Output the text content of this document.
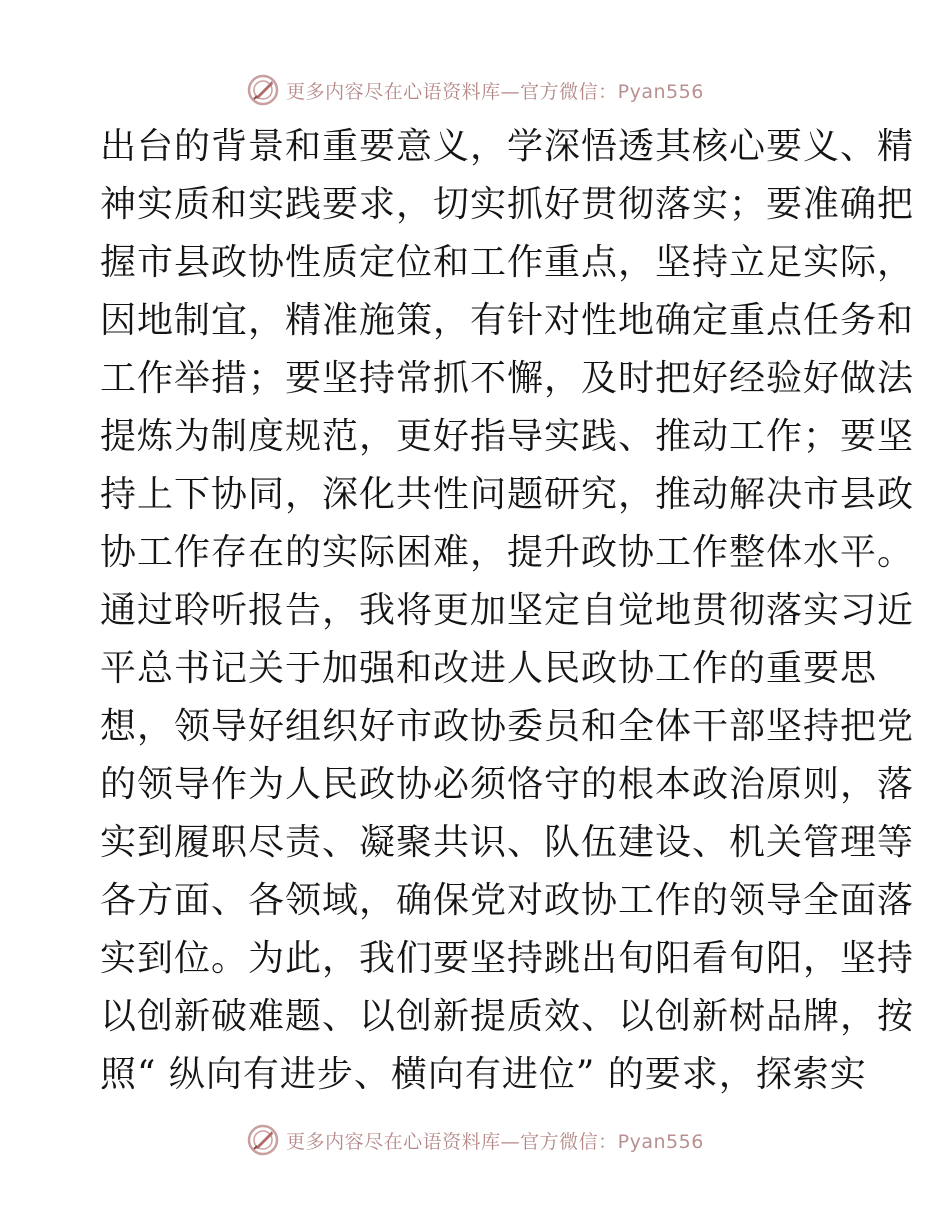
更多内容尽在心语资料库—官方微信：Pyan556
出台的背景和重要意义，学深悟透其核心要义、精
神实质和实践要求，切实抓好贯彻落实；要准确把
握市县政协性质定位和工作重点，坚持立足实际，
因地制宜，精准施策，有针对性地确定重点任务和
工作举措；要坚持常抓不懈，及时把好经验好做法
提炼为制度规范，更好指导实践、推动工作；要坚
持上下协同，深化共性问题研究，推动解决市县政
协工作存在的实际困难，提升政协工作整体水平。
通过聆听报告，我将更加坚定自觉地贯彻落实习近
平总书记关于加强和改进人民政协工作的重要思
想，领导好组织好市政协委员和全体干部坚持把党
的领导作为人民政协必须恪守的根本政治原则，落
实到履职尽责、凝聚共识、队伍建设、机关管理等
各方面、各领域，确保党对政协工作的领导全面落
实到位。为此，我们要坚持跳出旬阳看旬阳，坚持
以创新破难题、以创新提质效、以创新树品牌，按
照“ 纵向有进步、横向有进位” 的要求，探索实
更多内容尽在心语资料库—官方微信：Pyan556
